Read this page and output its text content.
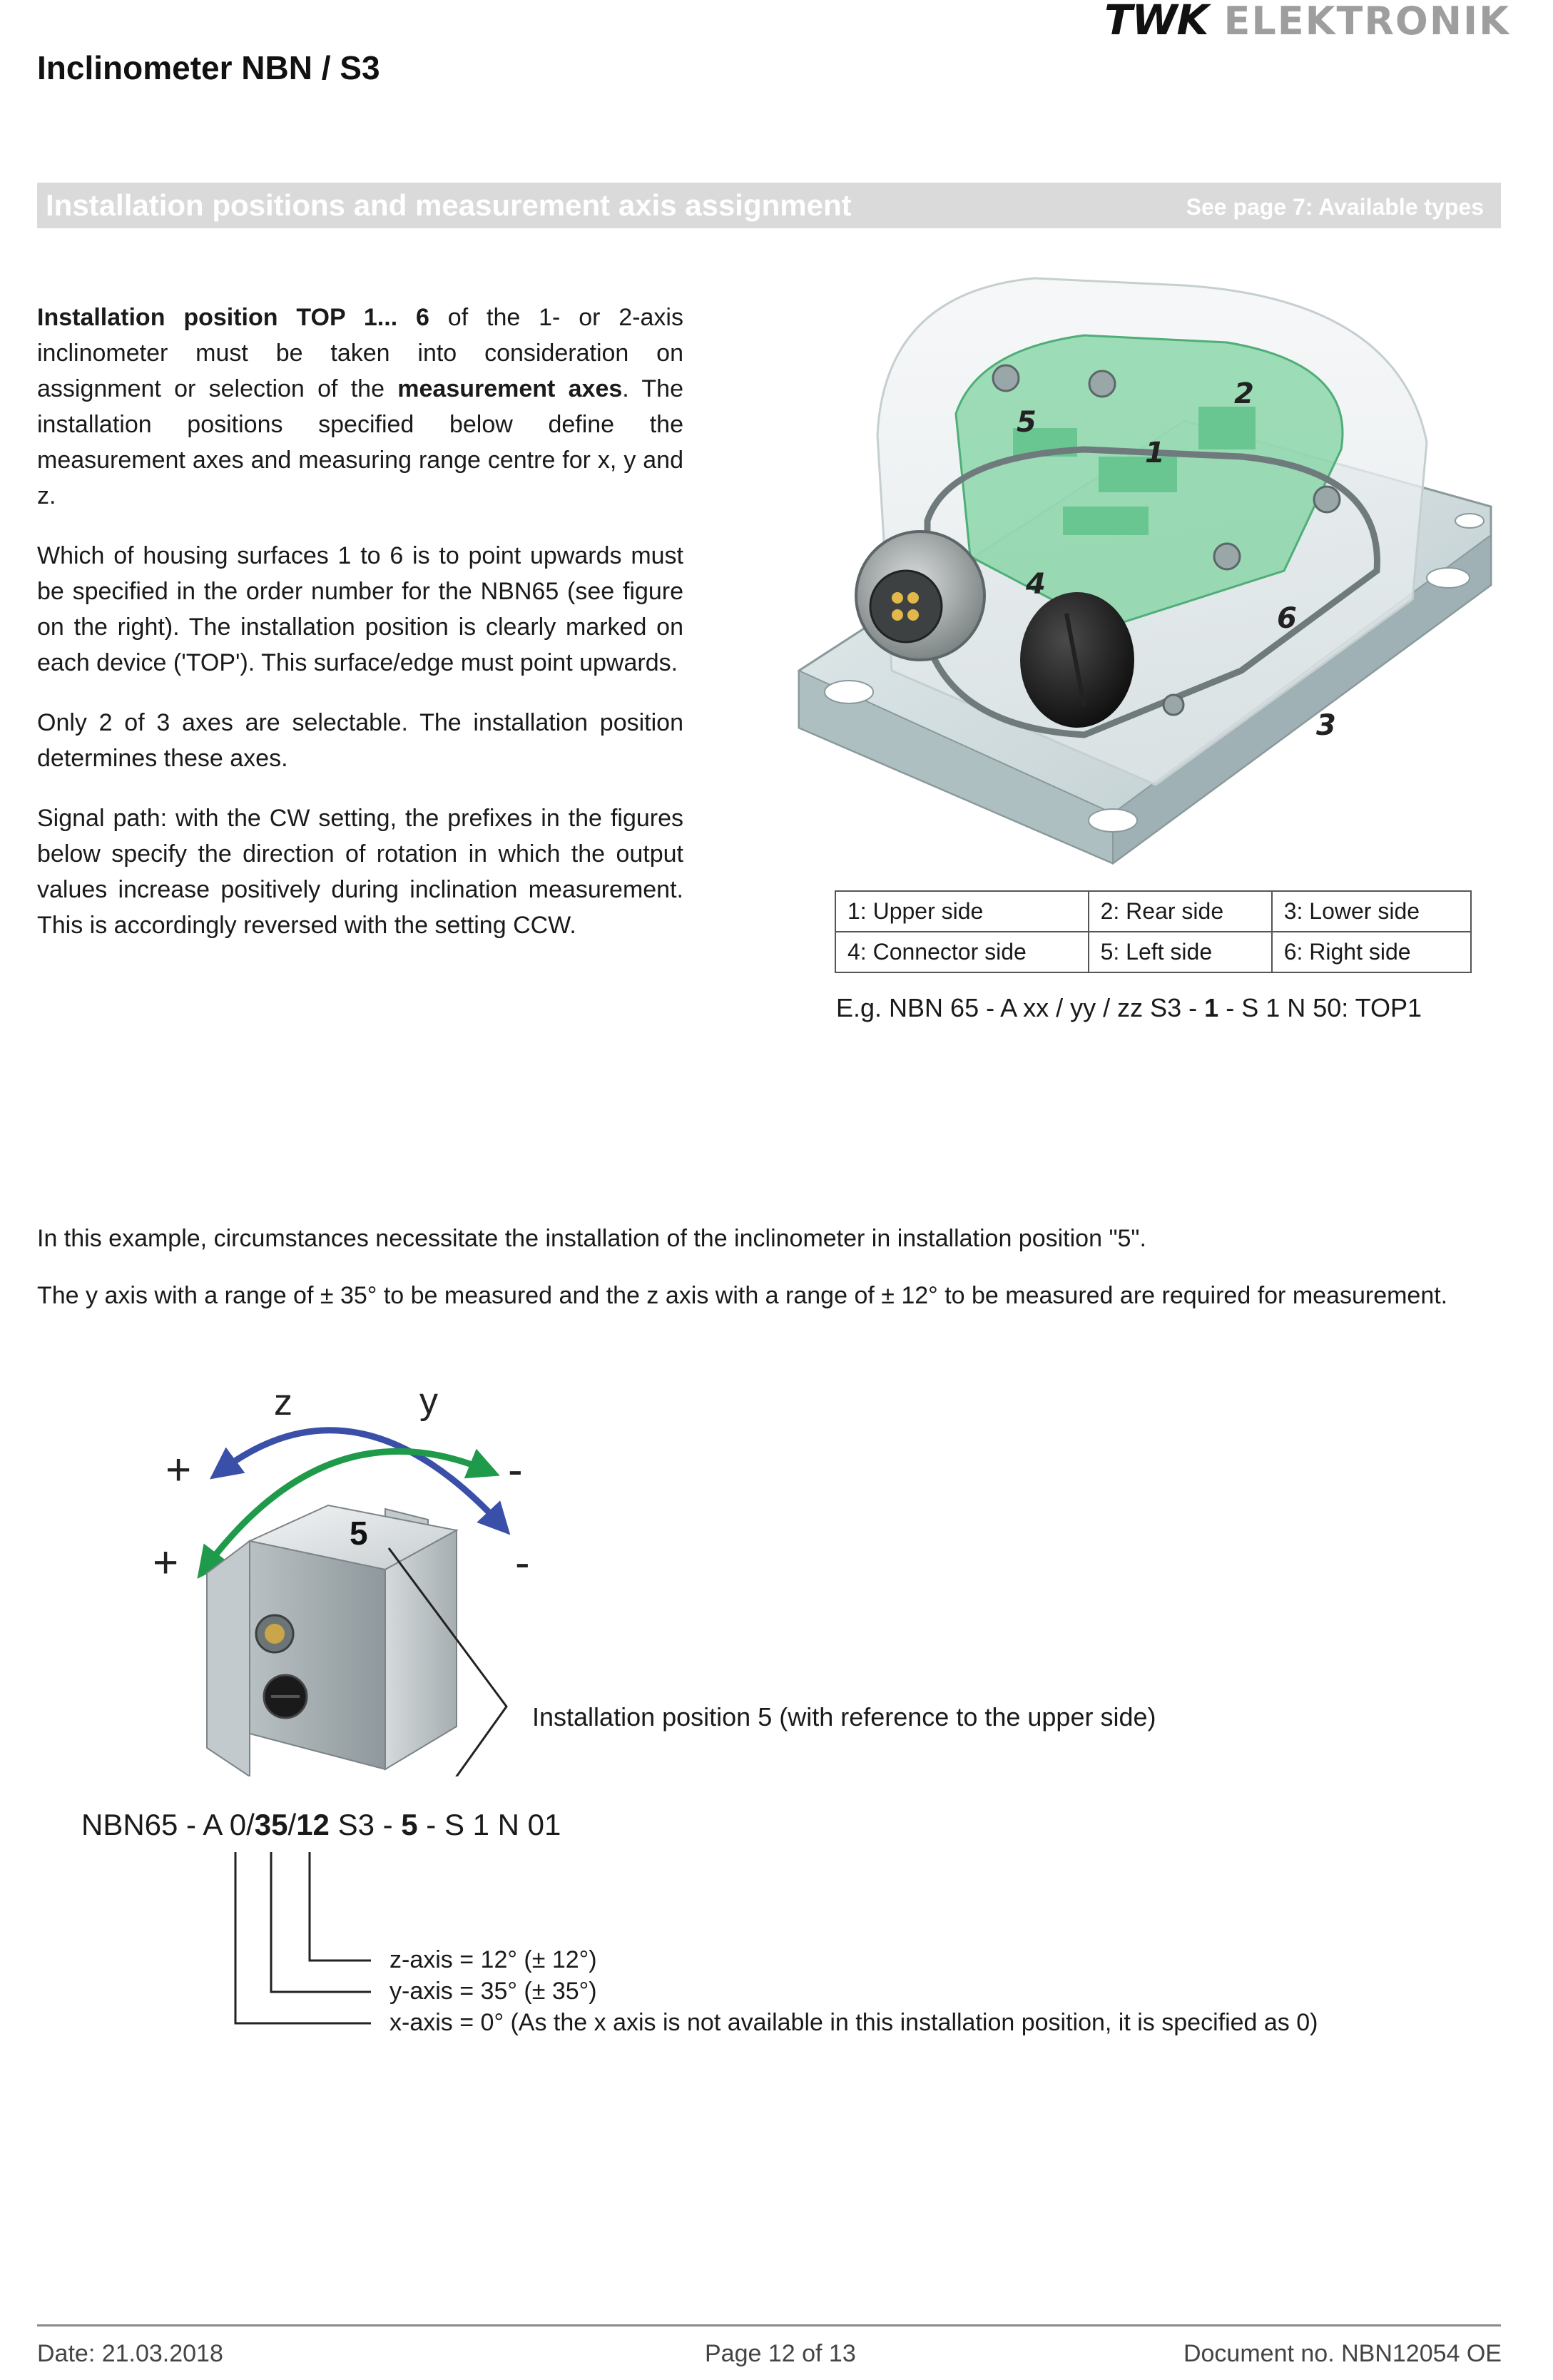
TWK ELEKTRONIK
Inclinometer NBN / S3
Installation positions and measurement axis assignment	See page 7: Available types

Installation position TOP 1... 6 of the 1- or 2-axis inclinometer must be taken into consideration on assignment or selection of the measurement axes. The installation positions specified below define the measurement axes and measuring range centre for x, y and z.

Which of housing surfaces 1 to 6 is to point upwards must be specified in the order number for the NBN65 (see figure on the right). The installation position is clearly marked on each device ('TOP'). This surface/edge must point upwards.

Only 2 of 3 axes are selectable. The installation position determines these axes.

Signal path: with the CW setting, the prefixes in the figures below specify the direction of rotation in which the output values increase positively during inclination measurement. This is accordingly reversed with the setting CCW.

5
2
1
4
6
3
1: Upper side	2: Rear side	3: Lower side
4: Connector side	5: Left side	6: Right side
E.g. NBN 65 - A xx / yy / zz S3 - 1 - S 1 N 50: TOP1
In this example, circumstances necessitate the installation of the inclinometer in installation position "5".
The y axis with a range of ± 35° to be measured and the z axis with a range of ± 12° to be measured are required for measurement.
5
z	y
+	-
+	-
Installation position 5 (with reference to the upper side)
NBN65 - A 0/35/12 S3 - 5 - S 1 N 01
z-axis = 12° (± 12°)
y-axis = 35° (± 35°)
x-axis = 0° (As the x axis is not available in this installation position, it is specified as 0)
Date: 21.03.2018	Page 12 of 13	Document no. NBN12054 OE
